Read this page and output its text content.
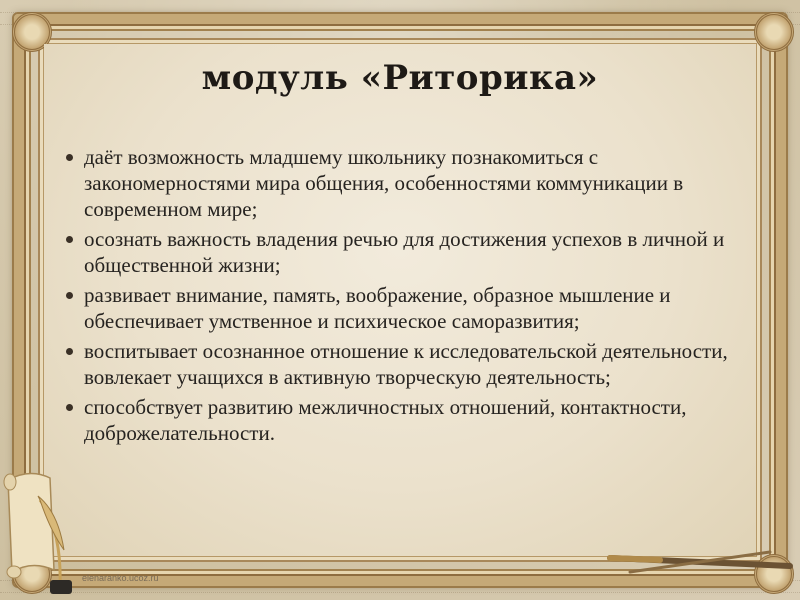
модуль «Риторика»
даёт возможность младшему школьнику познакомиться с закономерностями мира общения, особенностями коммуникации в современном мире;
осознать важность владения речью для достижения успехов в личной и общественной жизни;
развивает внимание, память, воображение, образное мышление и обеспечивает умственное и психическое саморазвития;
воспитывает осознанное отношение к исследовательской деятельности, вовлекает учащихся в активную творческую деятельность;
способствует развитию межличностных отношений, контактности, доброжелательности.
elenaranko.ucoz.ru
